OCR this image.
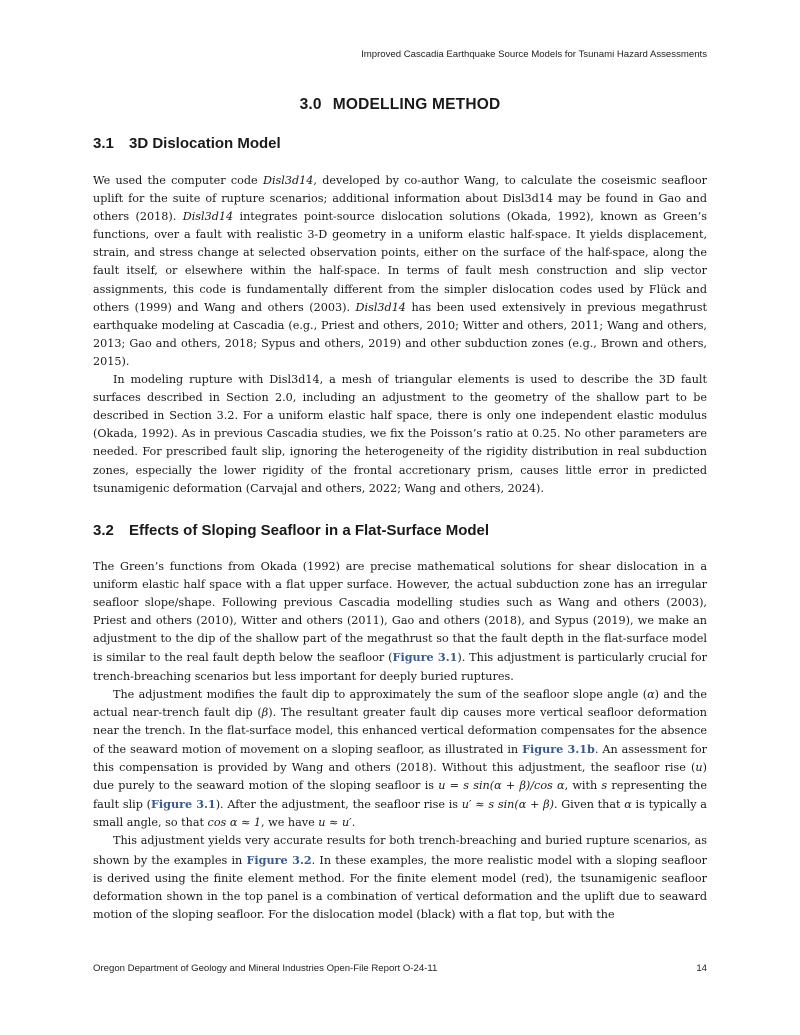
Improved Cascadia Earthquake Source Models for Tsunami Hazard Assessments
3.0 MODELLING METHOD
3.1 3D Dislocation Model

We used the computer code Disl3d14, developed by co-author Wang, to calculate the coseismic seafloor uplift for the suite of rupture scenarios; additional information about Disl3d14 may be found in Gao and others (2018). Disl3d14 integrates point-source dislocation solutions (Okada, 1992), known as Green’s functions, over a fault with realistic 3-D geometry in a uniform elastic half-space. It yields displacement, strain, and stress change at selected observation points, either on the surface of the half-space, along the fault itself, or elsewhere within the half-space. In terms of fault mesh construction and slip vector assignments, this code is fundamentally different from the simpler dislocation codes used by Flück and others (1999) and Wang and others (2003). Disl3d14 has been used extensively in previous megathrust earthquake modeling at Cascadia (e.g., Priest and others, 2010; Witter and others, 2011; Wang and others, 2013; Gao and others, 2018; Sypus and others, 2019) and other subduction zones (e.g., Brown and others, 2015).

In modeling rupture with Disl3d14, a mesh of triangular elements is used to describe the 3D fault surfaces described in Section 2.0, including an adjustment to the geometry of the shallow part to be described in Section 3.2. For a uniform elastic half space, there is only one independent elastic modulus (Okada, 1992). As in previous Cascadia studies, we fix the Poisson’s ratio at 0.25. No other parameters are needed. For prescribed fault slip, ignoring the heterogeneity of the rigidity distribution in real subduction zones, especially the lower rigidity of the frontal accretionary prism, causes little error in predicted tsunamigenic deformation (Carvajal and others, 2022; Wang and others, 2024).

3.2 Effects of Sloping Seafloor in a Flat-Surface Model

The Green’s functions from Okada (1992) are precise mathematical solutions for shear dislocation in a uniform elastic half space with a flat upper surface. However, the actual subduction zone has an irregular seafloor slope/shape. Following previous Cascadia modelling studies such as Wang and others (2003), Priest and others (2010), Witter and others (2011), Gao and others (2018), and Sypus (2019), we make an adjustment to the dip of the shallow part of the megathrust so that the fault depth in the flat-surface model is similar to the real fault depth below the seafloor (Figure 3.1). This adjustment is particularly crucial for trench-breaching scenarios but less important for deeply buried ruptures.

The adjustment modifies the fault dip to approximately the sum of the seafloor slope angle (α) and the actual near-trench fault dip (β). The resultant greater fault dip causes more vertical seafloor deformation near the trench. In the flat-surface model, this enhanced vertical deformation compensates for the absence of the seaward motion of movement on a sloping seafloor, as illustrated in Figure 3.1b. An assessment for this compensation is provided by Wang and others (2018). Without this adjustment, the seafloor rise (u) due purely to the seaward motion of the sloping seafloor is u = s sin(α + β)/cos α, with s representing the fault slip (Figure 3.1). After the adjustment, the seafloor rise is u′ ≈ s sin(α + β). Given that α is typically a small angle, so that cos α ≈ 1, we have u ≈ u′.

This adjustment yields very accurate results for both trench-breaching and buried rupture scenarios, as shown by the examples in Figure 3.2. In these examples, the more realistic model with a sloping seafloor is derived using the finite element method. For the finite element model (red), the tsunamigenic seafloor deformation shown in the top panel is a combination of vertical deformation and the uplift due to seaward motion of the sloping seafloor. For the dislocation model (black) with a flat top, but with the

Oregon Department of Geology and Mineral Industries Open-File Report O-24-11	14
